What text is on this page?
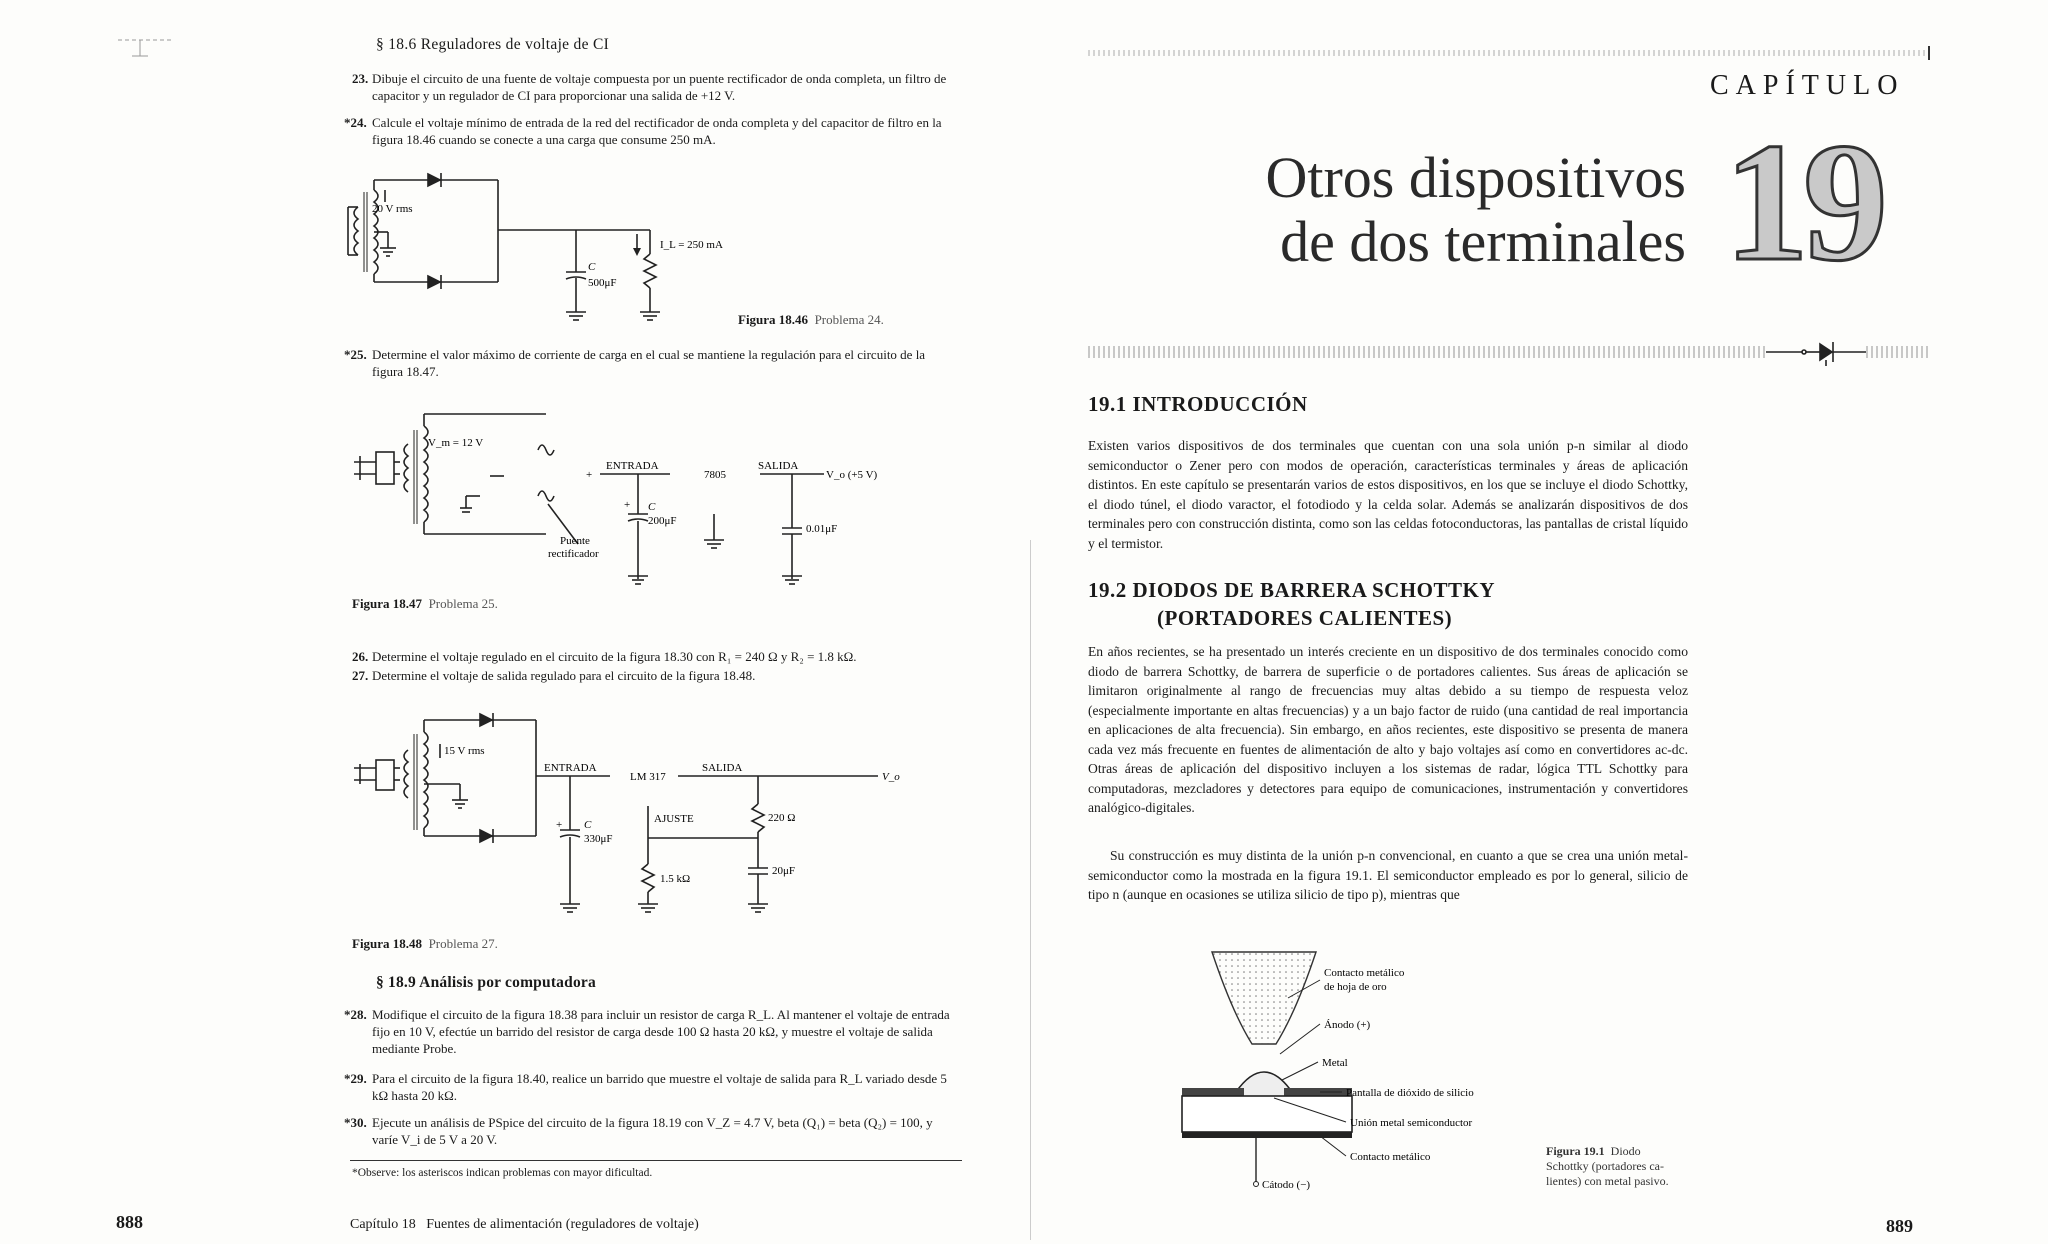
§ 18.6 Reguladores de voltaje de CI
23. Dibuje el circuito de una fuente de voltaje compuesta por un puente rectificador de onda completa, un filtro de capacitor y un regulador de CI para proporcionar una salida de +12 V.
*24. Calcule el voltaje mínimo de entrada de la red del rectificador de onda completa y del capacitor de filtro en la figura 18.46 cuando se conecte a una carga que consume 250 mA.
20 V rms
I_L = 250 mA
C
500μF
Figura 18.46 Problema 24.
*25. Determine el valor máximo de corriente de carga en el cual se mantiene la regulación para el circuito de la figura 18.47.
V_m = 12 V
+
ENTRADA
7805
SALIDA
V_o (+5 V)
+ C
200μF
0.01μF
Puente
rectificador
Figura 18.47 Problema 25.
26. Determine el voltaje regulado en el circuito de la figura 18.30 con R₁ = 240 Ω y R₂ = 1.8 kΩ.
27. Determine el voltaje de salida regulado para el circuito de la figura 18.48.
15 V rms
ENTRADA
LM 317
SALIDA
V_o
AJUSTE	220 Ω
1.5 kΩ
+ C
330μF
20μF
Figura 18.48 Problema 27.
§ 18.9 Análisis por computadora
*28. Modifique el circuito de la figura 18.38 para incluir un resistor de carga R_L. Al mantener el voltaje de entrada fijo en 10 V, efectúe un barrido del resistor de carga desde 100 Ω hasta 20 kΩ, y muestre el voltaje de salida mediante Probe.
*29. Para el circuito de la figura 18.40, realice un barrido que muestre el voltaje de salida para R_L variado desde 5 kΩ hasta 20 kΩ.
*30. Ejecute un análisis de PSpice del circuito de la figura 18.19 con V_Z = 4.7 V, beta (Q₁) = beta (Q₂) = 100, y varíe V_i de 5 V a 20 V.
*Observe: los asteriscos indican problemas con mayor dificultad.
888	Capítulo 18   Fuentes de alimentación (reguladores de voltaje)
CAPÍTULO
Otros dispositivos
de dos terminales 19
19.1 INTRODUCCIÓN
Existen varios dispositivos de dos terminales que cuentan con una sola unión p-n similar al diodo semiconductor o Zener pero con modos de operación, características terminales y áreas de aplicación distintos. En este capítulo se presentarán varios de estos dispositivos, en los que se incluye el diodo Schottky, el diodo túnel, el diodo varactor, el fotodiodo y la celda solar. Además se analizarán dispositivos de dos terminales pero con construcción distinta, como son las celdas fotoconductoras, las pantallas de cristal líquido y el termistor.
19.2 DIODOS DE BARRERA SCHOTTKY
(PORTADORES CALIENTES)
En años recientes, se ha presentado un interés creciente en un dispositivo de dos terminales conocido como diodo de barrera Schottky, de barrera de superficie o de portadores calientes. Sus áreas de aplicación se limitaron originalmente al rango de frecuencias muy altas debido a su tiempo de respuesta veloz (especialmente importante en altas frecuencias) y a un bajo factor de ruido (una cantidad de real importancia en aplicaciones de alta frecuencia). Sin embargo, en años recientes, este dispositivo se presenta de manera cada vez más frecuente en fuentes de alimentación de alto y bajo voltajes así como en convertidores ac-dc. Otras áreas de aplicación del dispositivo incluyen a los sistemas de radar, lógica TTL Schottky para computadoras, mezcladores y detectores para equipo de comunicaciones, instrumentación y convertidores analógico-digitales.
Su construcción es muy distinta de la unión p-n convencional, en cuanto a que se crea una unión metal-semiconductor como la mostrada en la figura 19.1. El semiconductor empleado es por lo general, silicio de tipo n (aunque en ocasiones se utiliza silicio de tipo p), mientras que
Contacto metálico
de hoja de oro
Ánodo (+)
Metal
Pantalla de dióxido de silicio
Unión metal semiconductor
Contacto metálico
Cátodo (−)
Figura 19.1 Diodo
Schottky (portadores ca-
lientes) con metal pasivo.
889
